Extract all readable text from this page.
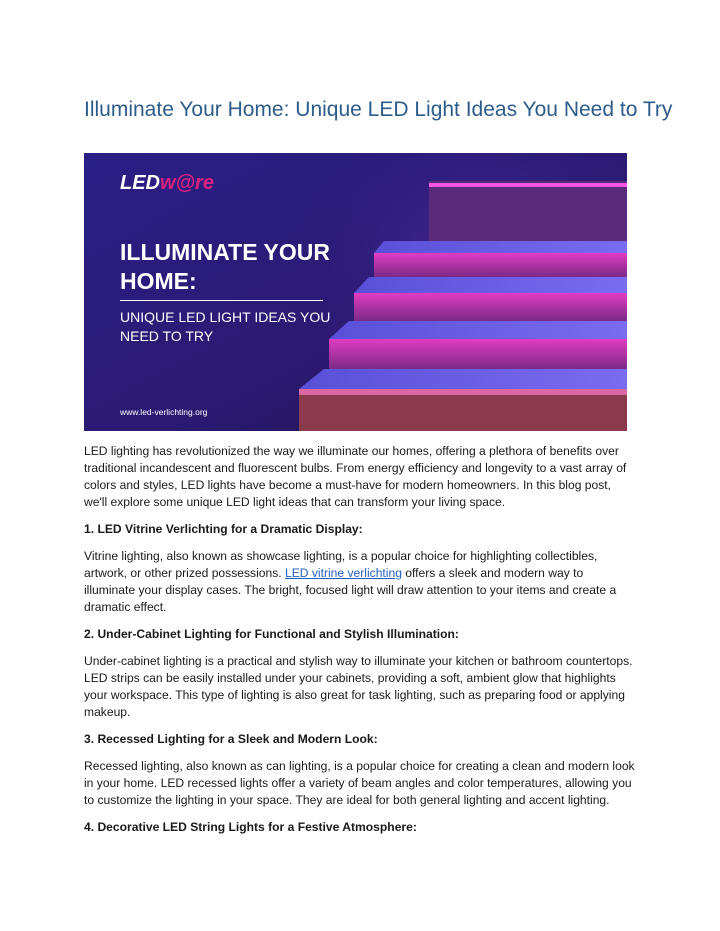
Illuminate Your Home: Unique LED Light Ideas You Need to Try
LEDw@re
ILLUMINATE YOUR
HOME:
UNIQUE LED LIGHT IDEAS YOU
NEED TO TRY
www.led-verlichting.org

LED lighting has revolutionized the way we illuminate our homes, offering a plethora of benefits over traditional incandescent and fluorescent bulbs. From energy efficiency and longevity to a vast array of colors and styles, LED lights have become a must-have for modern homeowners. In this blog post, we'll explore some unique LED light ideas that can transform your living space.

1. LED Vitrine Verlichting for a Dramatic Display:

Vitrine lighting, also known as showcase lighting, is a popular choice for highlighting collectibles, artwork, or other prized possessions. LED vitrine verlichting offers a sleek and modern way to illuminate your display cases. The bright, focused light will draw attention to your items and create a dramatic effect.

2. Under-Cabinet Lighting for Functional and Stylish Illumination:

Under-cabinet lighting is a practical and stylish way to illuminate your kitchen or bathroom countertops. LED strips can be easily installed under your cabinets, providing a soft, ambient glow that highlights your workspace. This type of lighting is also great for task lighting, such as preparing food or applying makeup.

3. Recessed Lighting for a Sleek and Modern Look:

Recessed lighting, also known as can lighting, is a popular choice for creating a clean and modern look in your home. LED recessed lights offer a variety of beam angles and color temperatures, allowing you to customize the lighting in your space. They are ideal for both general lighting and accent lighting.

4. Decorative LED String Lights for a Festive Atmosphere:
